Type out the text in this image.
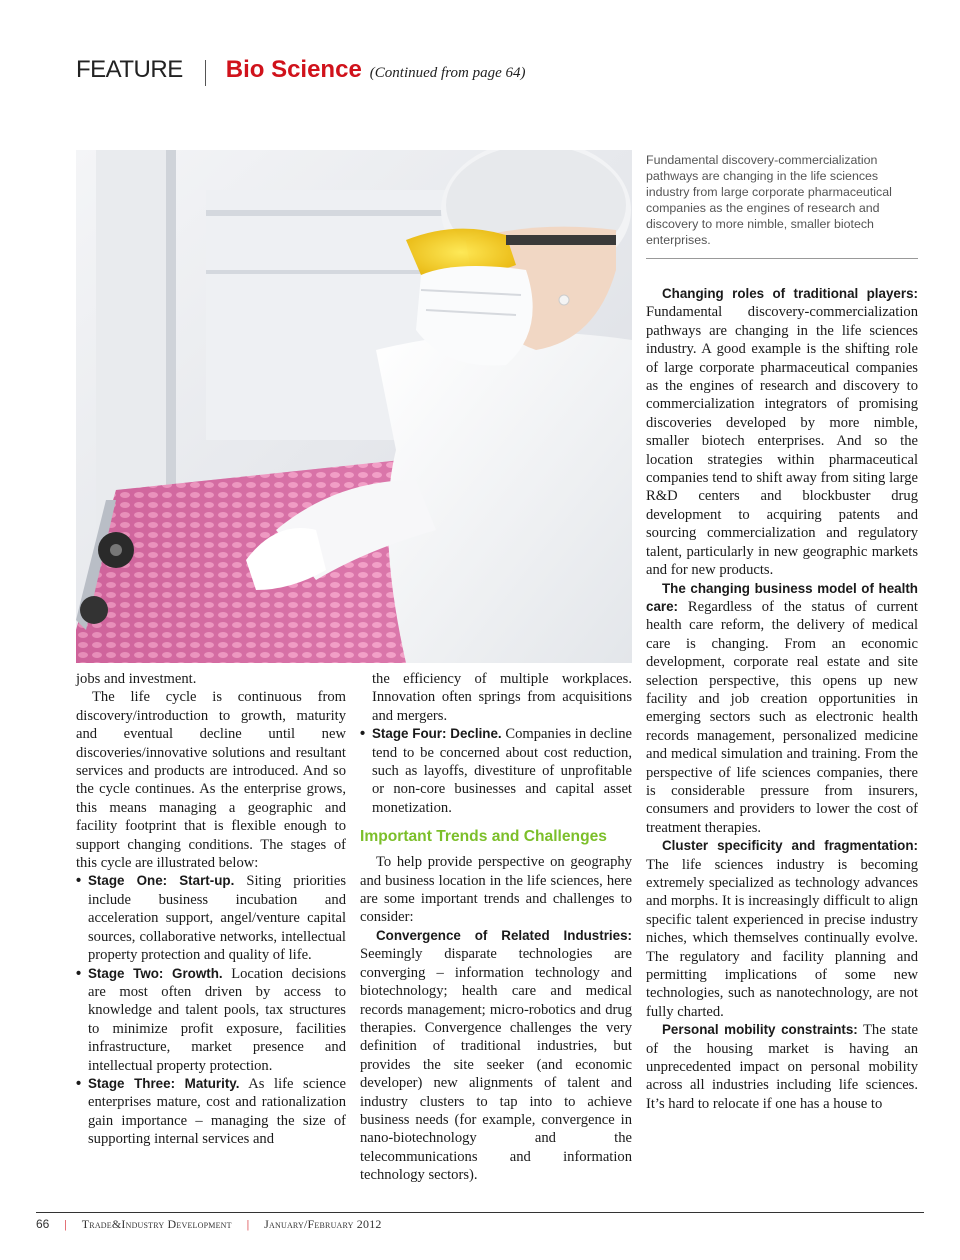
FEATURE Bio Science (Continued from page 64)
Fundamental discovery-commercialization pathways are changing in the life sciences industry from large corporate pharmaceutical companies as the engines of research and discovery to more nimble, smaller biotech enterprises.

jobs and investment.

The life cycle is continuous from discovery/introduction to growth, maturity and eventual decline until new discoveries/innovative solutions and resultant services and products are introduced. And so the cycle continues. As the enterprise grows, this means managing a geographic and facility footprint that is flexible enough to support changing conditions. The stages of this cycle are illustrated below:

• Stage One: Start-up. Siting priorities include business incubation and acceleration support, angel/venture capital sources, collaborative networks, intellectual property protection and quality of life.

• Stage Two: Growth. Location decisions are most often driven by access to knowledge and talent pools, tax structures to minimize profit exposure, facilities infrastructure, market presence and intellectual property protection.

• Stage Three: Maturity. As life science enterprises mature, cost and rationalization gain importance – managing the size of supporting internal services and

the efficiency of multiple workplaces. Innovation often springs from acquisitions and mergers.

• Stage Four: Decline. Companies in decline tend to be concerned about cost reduction, such as layoffs, divestiture of unprofitable or non-core businesses and capital asset monetization.

Important Trends and Challenges

To help provide perspective on geography and business location in the life sciences, here are some important trends and challenges to consider:

Convergence of Related Industries: Seemingly disparate technologies are converging – information technology and biotechnology; health care and medical records management; micro-robotics and drug therapies. Convergence challenges the very definition of traditional industries, but provides the site seeker (and economic developer) new alignments of talent and industry clusters to tap into to achieve business needs (for example, convergence in nano-biotechnology and the telecommunications and information technology sectors).

Changing roles of traditional players: Fundamental discovery-commercialization pathways are changing in the life sciences industry. A good example is the shifting role of large corporate pharmaceutical companies as the engines of research and discovery to commercialization integrators of promising discoveries developed by more nimble, smaller biotech enterprises. And so the location strategies within pharmaceutical companies tend to shift away from siting large R&D centers and blockbuster drug development to acquiring patents and sourcing commercialization and regulatory talent, particularly in new geographic markets and for new products.

The changing business model of health care: Regardless of the status of current health care reform, the delivery of medical care is changing. From an economic development, corporate real estate and site selection perspective, this opens up new facility and job creation opportunities in emerging sectors such as electronic health records management, personalized medicine and medical simulation and training. From the perspective of life sciences companies, there is considerable pressure from insurers, consumers and providers to lower the cost of treatment therapies.

Cluster specificity and fragmentation: The life sciences industry is becoming extremely specialized as technology advances and morphs. It is increasingly difficult to align specific talent experienced in precise industry niches, which themselves continually evolve. The regulatory and facility planning and permitting implications of some new technologies, such as nanotechnology, are not fully charted.

Personal mobility constraints: The state of the housing market is having an unprecedented impact on personal mobility across all industries including life sciences. It’s hard to relocate if one has a house to

66 | Trade&Industry Development | January/February 2012
